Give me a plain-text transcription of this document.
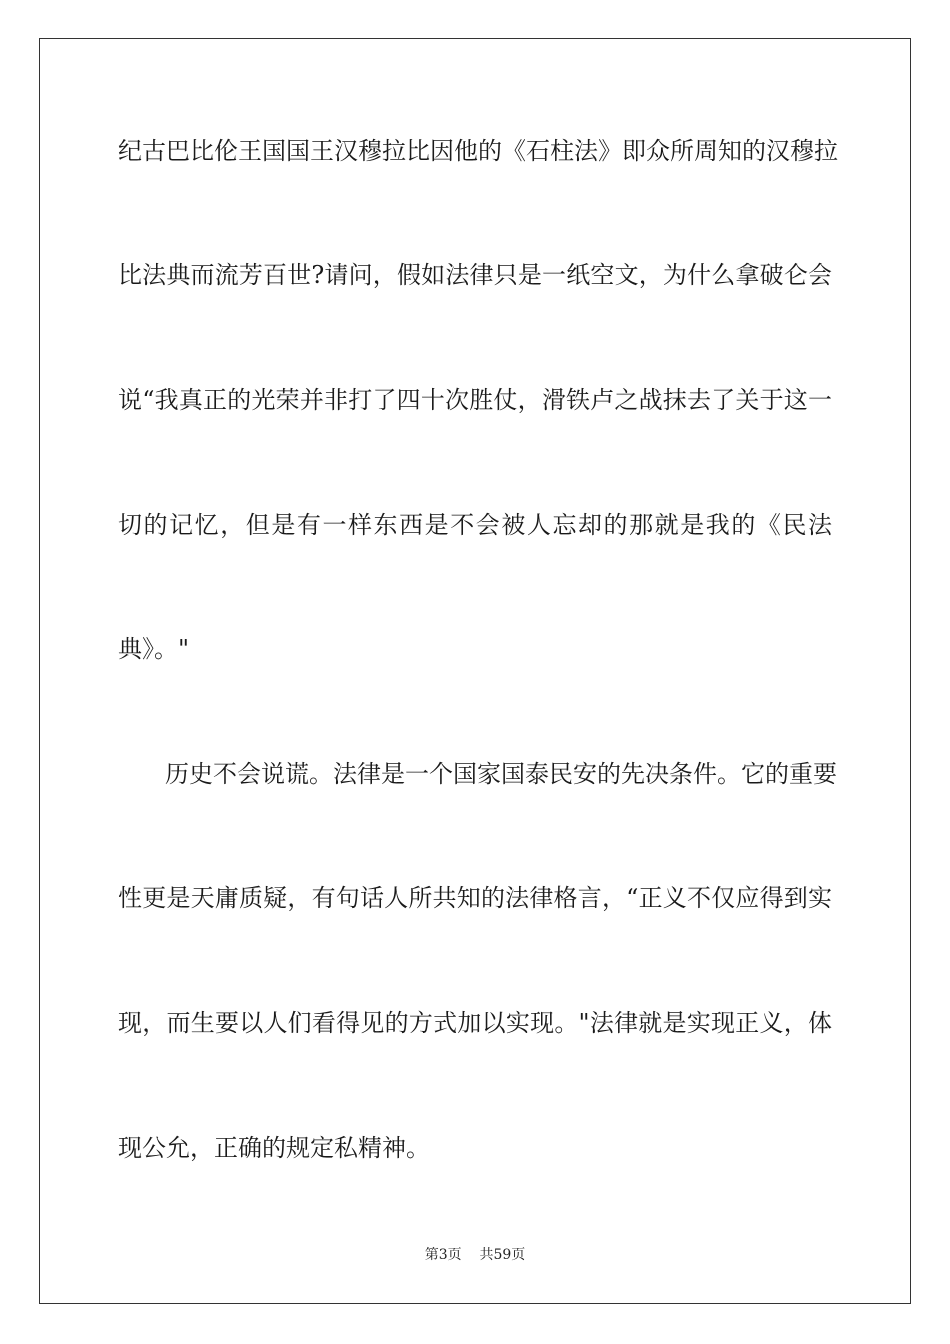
纪古巴比伦王国国王汉穆拉比因他的《石柱法》即众所周知的汉穆拉
比法典而流芳百世?请问，假如法律只是一纸空文，为什么拿破仑会
说“我真正的光荣并非打了四十次胜仗，滑铁卢之战抹去了关于这一
切的记忆，但是有一样东西是不会被人忘却的那就是我的《民法
典》。"
历史不会说谎。法律是一个国家国泰民安的先决条件。它的重要
性更是天庸质疑，有句话人所共知的法律格言，“正义不仅应得到实
现，而生要以人们看得见的方式加以实现。"法律就是实现正义，体
现公允，正确的规定私精神。
第3页 共59页
